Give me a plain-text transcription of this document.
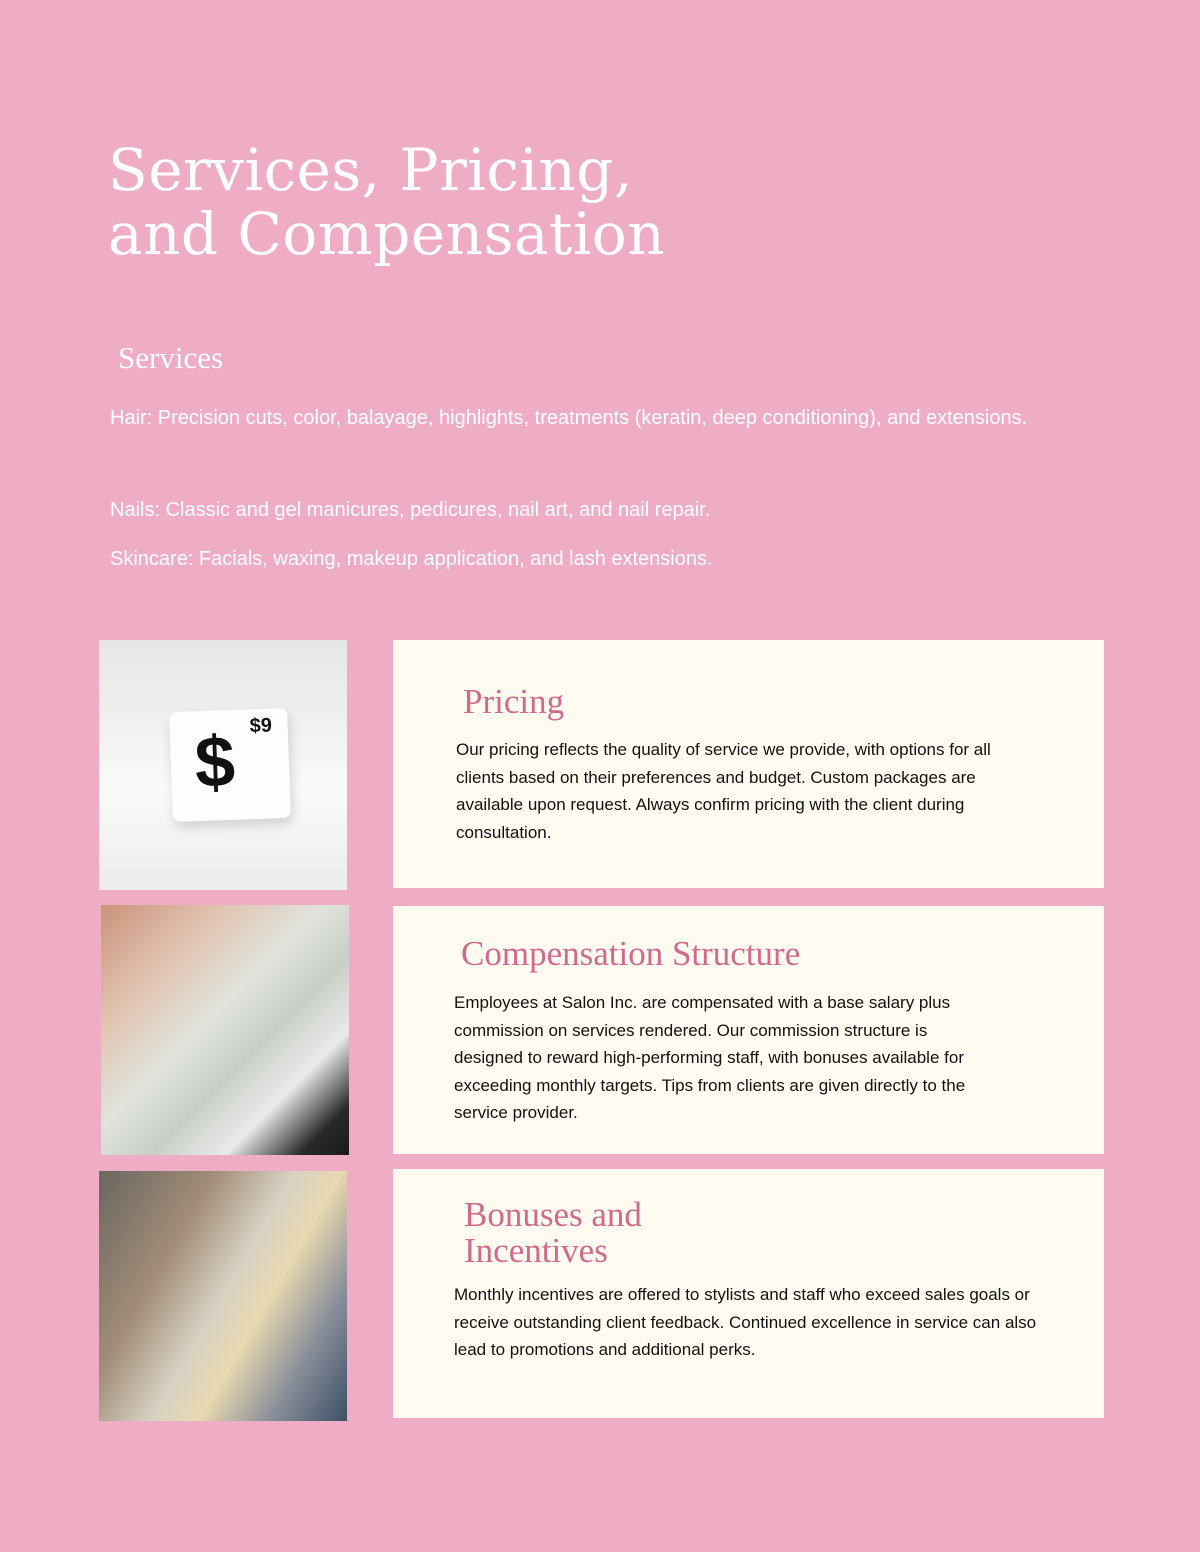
Services, Pricing,
and Compensation
Services

Hair: Precision cuts, color, balayage, highlights, treatments (keratin, deep conditioning), and extensions.

Nails: Classic and gel manicures, pedicures, nail art, and nail repair.

Skincare: Facials, waxing, makeup application, and lash extensions.

$ $9
Pricing

Our pricing reflects the quality of service we provide, with options for all clients based on their preferences and budget. Custom packages are available upon request. Always confirm pricing with the client during consultation.

Compensation Structure

Employees at Salon Inc. are compensated with a base salary plus commission on services rendered. Our commission structure is designed to reward high-performing staff, with bonuses available for exceeding monthly targets. Tips from clients are given directly to the service provider.

Bonuses and Incentives

Monthly incentives are offered to stylists and staff who exceed sales goals or receive outstanding client feedback. Continued excellence in service can also lead to promotions and additional perks.
